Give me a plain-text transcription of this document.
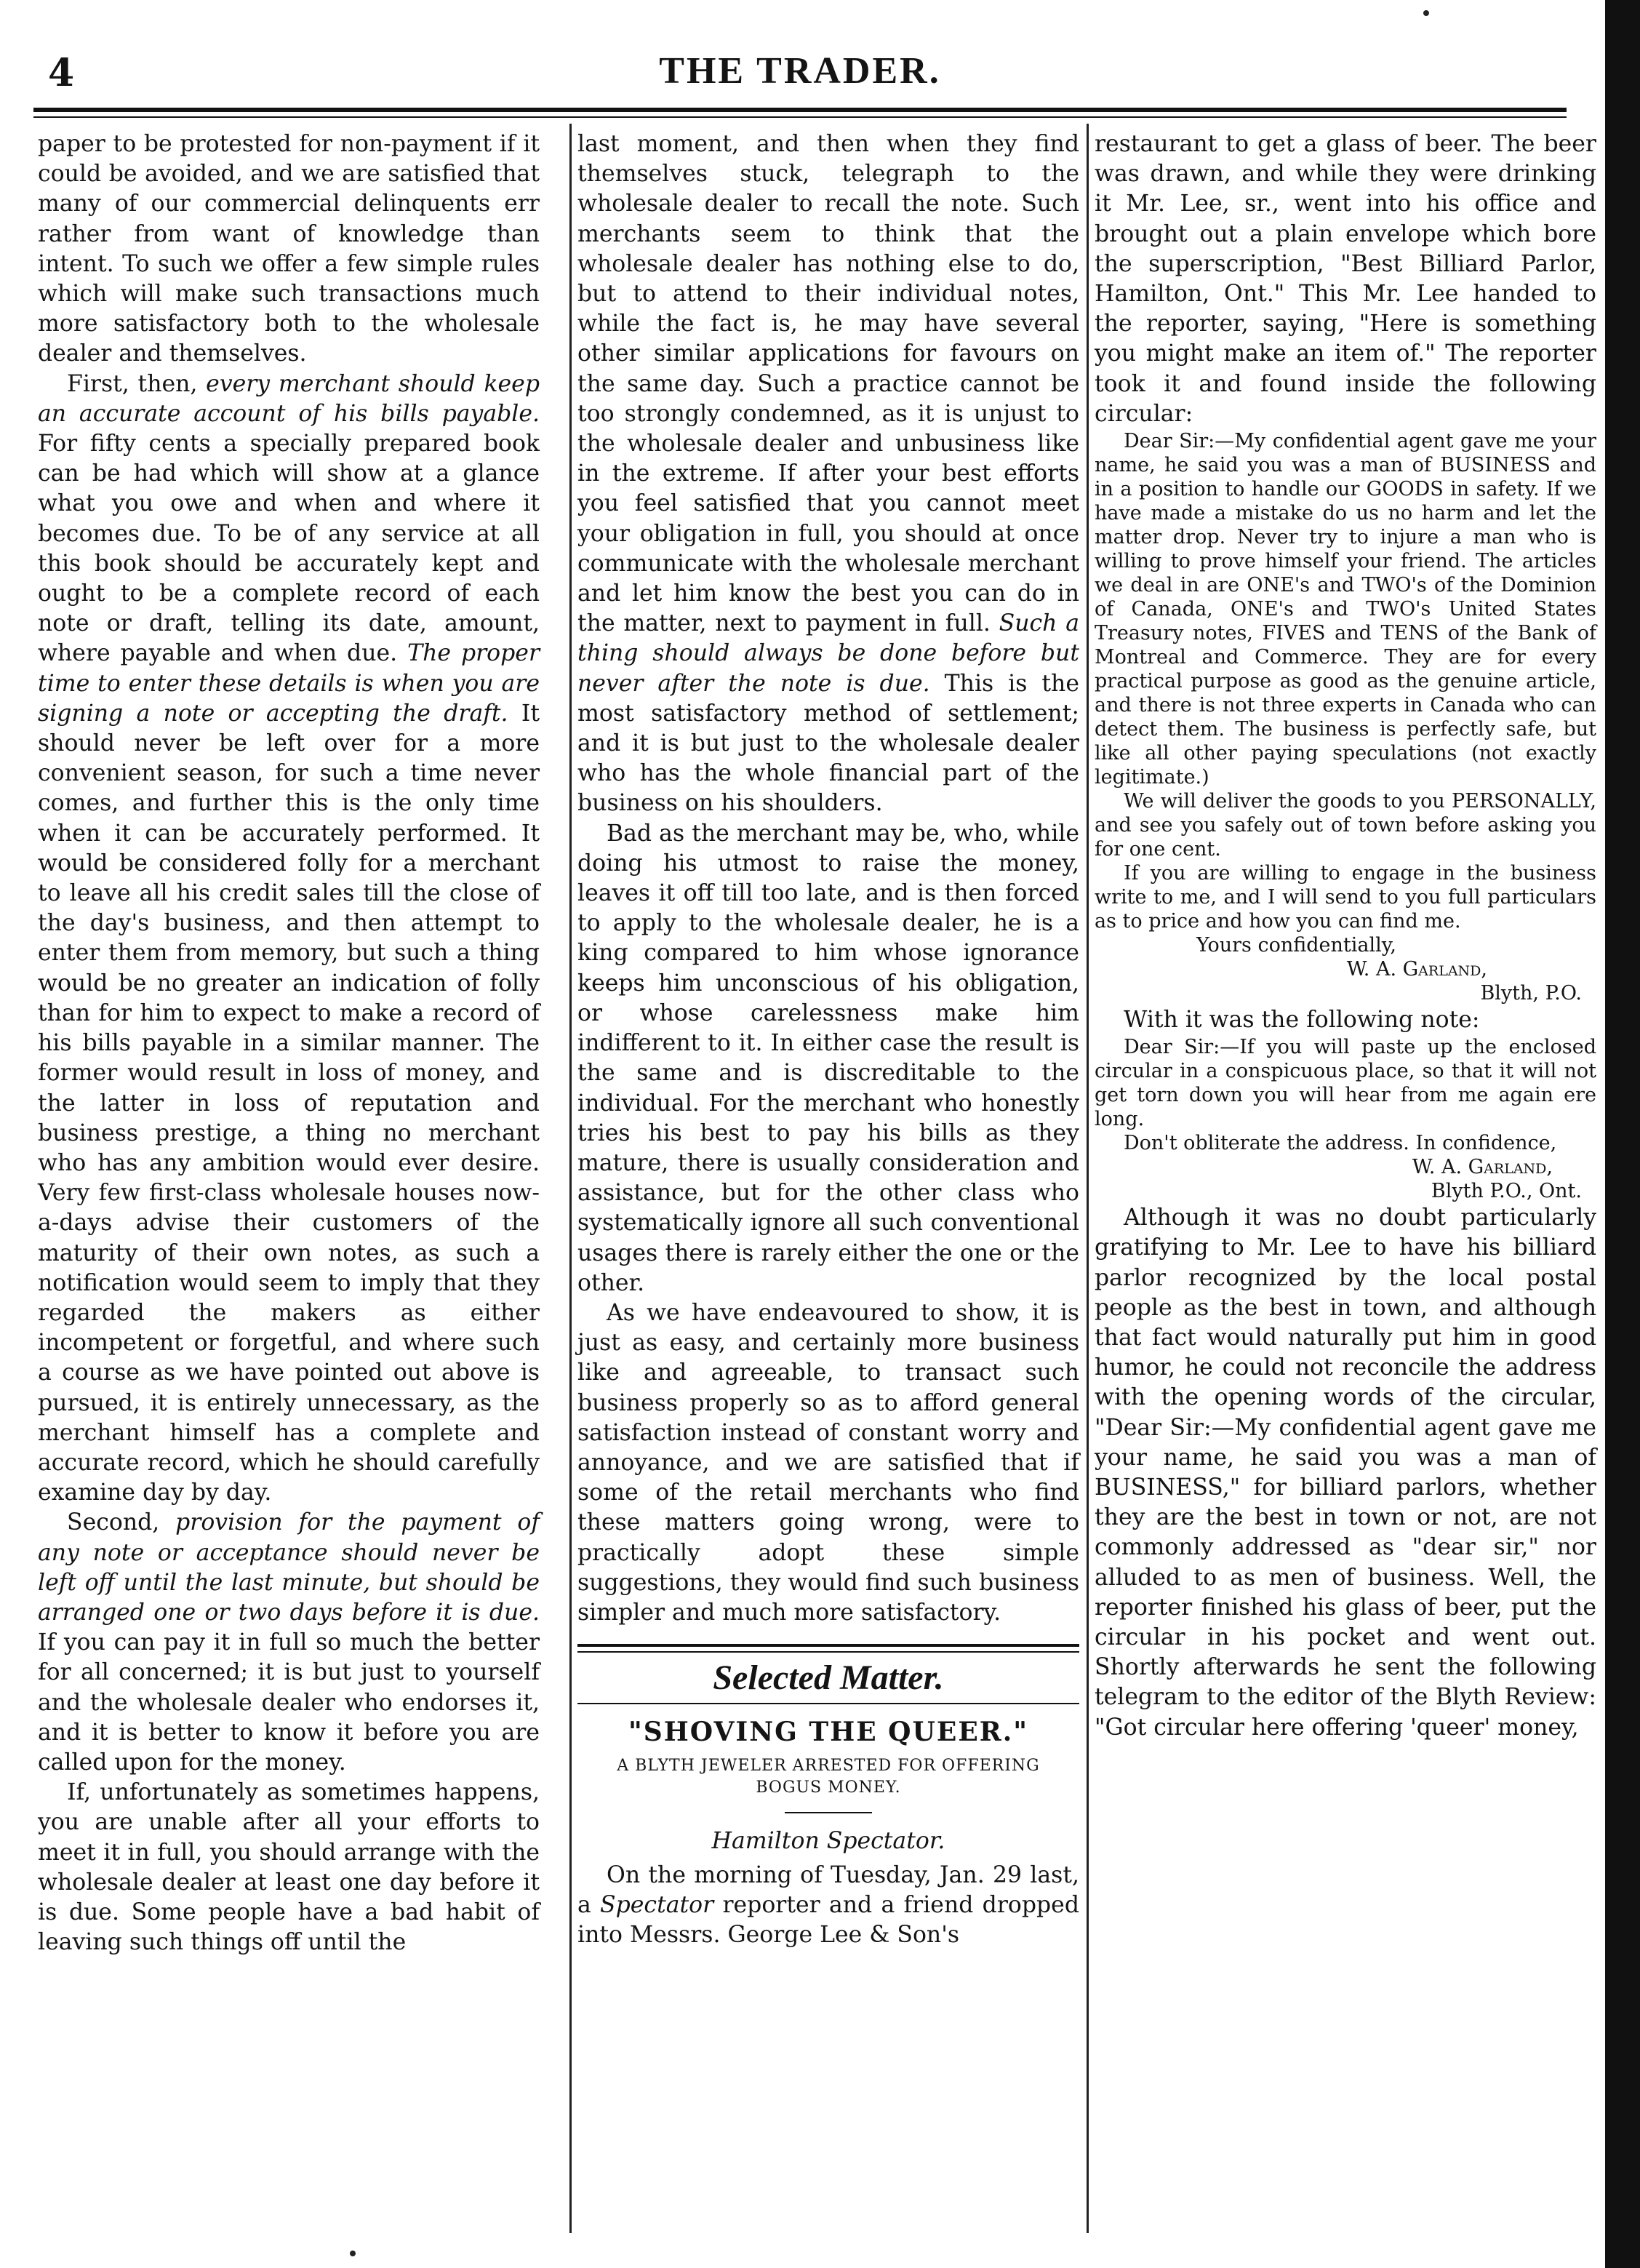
4	THE TRADER.

paper to be protested for non-payment if it could be avoided, and we are satisfied that many of our commercial delinquents err rather from want of knowledge than intent. To such we offer a few simple rules which will make such transactions much more satisfactory both to the wholesale dealer and themselves.

First, then, every merchant should keep an accurate account of his bills payable. For fifty cents a specially prepared book can be had which will show at a glance what you owe and when and where it becomes due. To be of any service at all this book should be accurately kept and ought to be a complete record of each note or draft, telling its date, amount, where payable and when due. The proper time to enter these details is when you are signing a note or accepting the draft. It should never be left over for a more convenient season, for such a time never comes, and further this is the only time when it can be accurately performed. It would be considered folly for a merchant to leave all his credit sales till the close of the day's business, and then attempt to enter them from memory, but such a thing would be no greater an indication of folly than for him to expect to make a record of his bills payable in a similar manner. The former would result in loss of money, and the latter in loss of reputation and business prestige, a thing no merchant who has any ambition would ever desire. Very few first-class wholesale houses now-a-days advise their customers of the maturity of their own notes, as such a notification would seem to imply that they regarded the makers as either incompetent or forgetful, and where such a course as we have pointed out above is pursued, it is entirely unnecessary, as the merchant himself has a complete and accurate record, which he should carefully examine day by day.

Second, provision for the payment of any note or acceptance should never be left off until the last minute, but should be arranged one or two days before it is due. If you can pay it in full so much the better for all concerned; it is but just to yourself and the wholesale dealer who endorses it, and it is better to know it before you are called upon for the money.

If, unfortunately as sometimes happens, you are unable after all your efforts to meet it in full, you should arrange with the wholesale dealer at least one day before it is due. Some people have a bad habit of leaving such things off until the

last moment, and then when they find themselves stuck, telegraph to the wholesale dealer to recall the note. Such merchants seem to think that the wholesale dealer has nothing else to do, but to attend to their individual notes, while the fact is, he may have several other similar applications for favours on the same day. Such a practice cannot be too strongly condemned, as it is unjust to the wholesale dealer and unbusiness like in the extreme. If after your best efforts you feel satisfied that you cannot meet your obligation in full, you should at once communicate with the wholesale merchant and let him know the best you can do in the matter, next to payment in full. Such a thing should always be done before but never after the note is due. This is the most satisfactory method of settlement; and it is but just to the wholesale dealer who has the whole financial part of the business on his shoulders.

Bad as the merchant may be, who, while doing his utmost to raise the money, leaves it off till too late, and is then forced to apply to the wholesale dealer, he is a king compared to him whose ignorance keeps him unconscious of his obligation, or whose carelessness make him indifferent to it. In either case the result is the same and is discreditable to the individual. For the merchant who honestly tries his best to pay his bills as they mature, there is usually consideration and assistance, but for the other class who systematically ignore all such conventional usages there is rarely either the one or the other.

As we have endeavoured to show, it is just as easy, and certainly more business like and agreeable, to transact such business properly so as to afford general satisfaction instead of constant worry and annoyance, and we are satisfied that if some of the retail merchants who find these matters going wrong, were to practically adopt these simple suggestions, they would find such business simpler and much more satisfactory.

Selected Matter.
"SHOVING THE QUEER."
A BLYTH JEWELER ARRESTED FOR OFFERING BOGUS MONEY.
Hamilton Spectator.

On the morning of Tuesday, Jan. 29 last, a Spectator reporter and a friend dropped into Messrs. George Lee & Son's

restaurant to get a glass of beer. The beer was drawn, and while they were drinking it Mr. Lee, sr., went into his office and brought out a plain envelope which bore the superscription, "Best Billiard Parlor, Hamilton, Ont." This Mr. Lee handed to the reporter, saying, "Here is something you might make an item of." The reporter took it and found inside the following circular:

Dear Sir:—My confidential agent gave me your name, he said you was a man of BUSINESS and in a position to handle our GOODS in safety. If we have made a mistake do us no harm and let the matter drop. Never try to injure a man who is willing to prove himself your friend. The articles we deal in are ONE's and TWO's of the Dominion of Canada, ONE's and TWO's United States Treasury notes, FIVES and TENS of the Bank of Montreal and Commerce. They are for every practical purpose as good as the genuine article, and there is not three experts in Canada who can detect them. The business is perfectly safe, but like all other paying speculations (not exactly legitimate.)

We will deliver the goods to you PERSONALLY, and see you safely out of town before asking you for one cent.

If you are willing to engage in the business write to me, and I will send to you full particulars as to price and how you can find me.

Yours confidentially,

W. A. Garland,

Blyth, P.O.

With it was the following note:

Dear Sir:—If you will paste up the enclosed circular in a conspicuous place, so that it will not get torn down you will hear from me again ere long.

Don't obliterate the address. In confidence,

W. A. Garland,

Blyth P.O., Ont.

Although it was no doubt particularly gratifying to Mr. Lee to have his billiard parlor recognized by the local postal people as the best in town, and although that fact would naturally put him in good humor, he could not reconcile the address with the opening words of the circular, "Dear Sir:—My confidential agent gave me your name, he said you was a man of BUSINESS," for billiard parlors, whether they are the best in town or not, are not commonly addressed as "dear sir," nor alluded to as men of business. Well, the reporter finished his glass of beer, put the circular in his pocket and went out. Shortly afterwards he sent the following telegram to the editor of the Blyth Review: "Got circular here offering 'queer' money,
